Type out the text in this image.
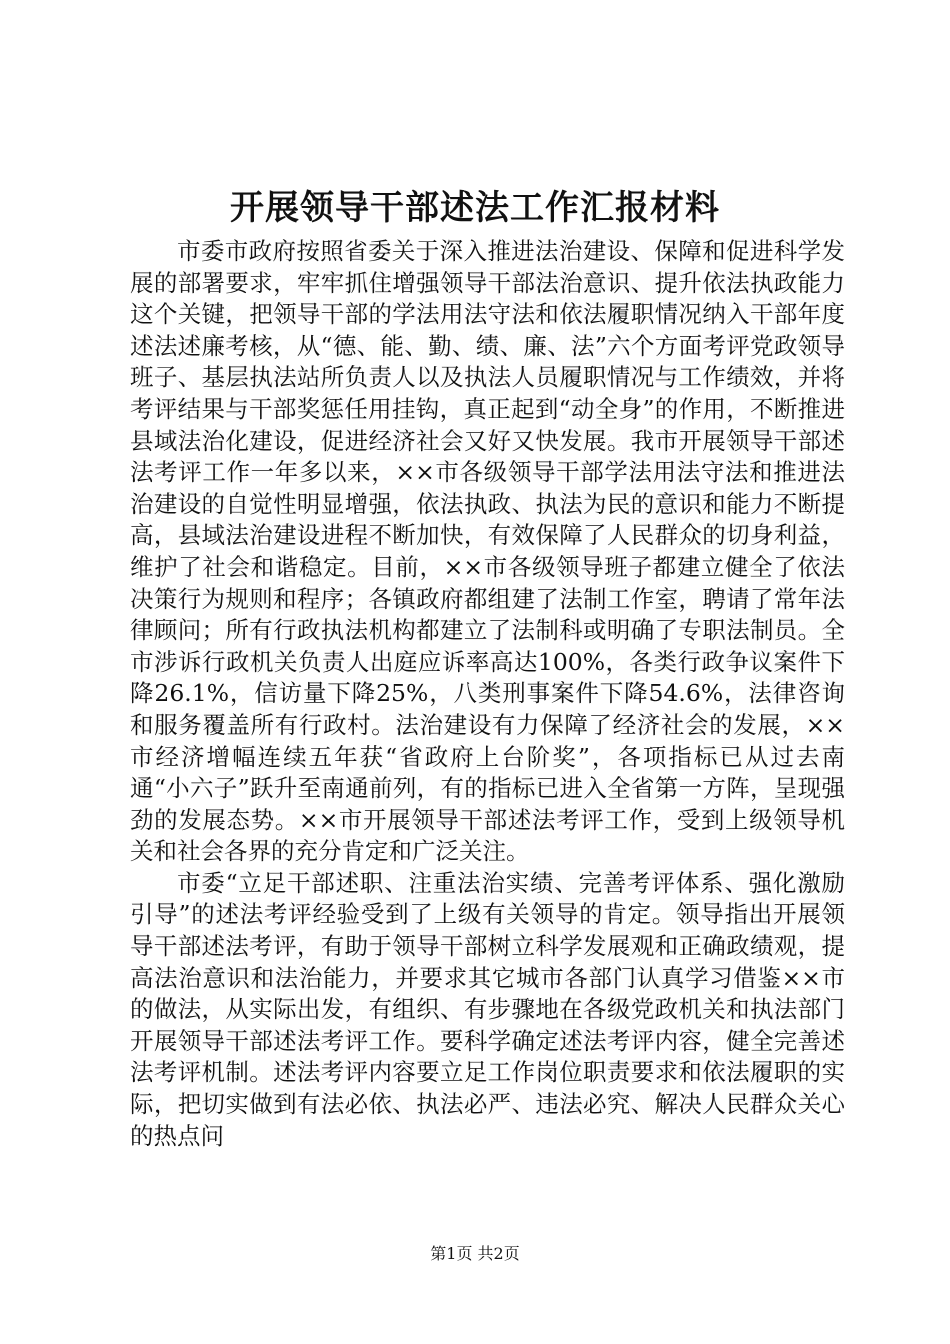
开展领导干部述法工作汇报材料

市委市政府按照省委关于深入推进法治建设、保障和促进科学发展的部署要求，牢牢抓住增强领导干部法治意识、提升依法执政能力这个关键，把领导干部的学法用法守法和依法履职情况纳入干部年度述法述廉考核，从“德、能、勤、绩、廉、法”六个方面考评党政领导班子、基层执法站所负责人以及执法人员履职情况与工作绩效，并将考评结果与干部奖惩任用挂钩，真正起到“动全身”的作用，不断推进县域法治化建设，促进经济社会又好又快发展。我市开展领导干部述法考评工作一年多以来，××市各级领导干部学法用法守法和推进法治建设的自觉性明显增强，依法执政、执法为民的意识和能力不断提高，县域法治建设进程不断加快，有效保障了人民群众的切身利益，维护了社会和谐稳定。目前，××市各级领导班子都建立健全了依法决策行为规则和程序；各镇政府都组建了法制工作室，聘请了常年法律顾问；所有行政执法机构都建立了法制科或明确了专职法制员。全市涉诉行政机关负责人出庭应诉率高达100%，各类行政争议案件下降26.1%，信访量下降25%，八类刑事案件下降54.6%，法律咨询和服务覆盖所有行政村。法治建设有力保障了经济社会的发展，××市经济增幅连续五年获“省政府上台阶奖”，各项指标已从过去南通“小六子”跃升至南通前列，有的指标已进入全省第一方阵，呈现强劲的发展态势。××市开展领导干部述法考评工作，受到上级领导机关和社会各界的充分肯定和广泛关注。

市委“立足干部述职、注重法治实绩、完善考评体系、强化激励引导”的述法考评经验受到了上级有关领导的肯定。领导指出开展领导干部述法考评，有助于领导干部树立科学发展观和正确政绩观，提高法治意识和法治能力，并要求其它城市各部门认真学习借鉴××市的做法，从实际出发，有组织、有步骤地在各级党政机关和执法部门开展领导干部述法考评工作。要科学确定述法考评内容，健全完善述法考评机制。述法考评内容要立足工作岗位职责要求和依法履职的实际，把切实做到有法必依、执法必严、违法必究、解决人民群众关心的热点问

第1页 共2页
